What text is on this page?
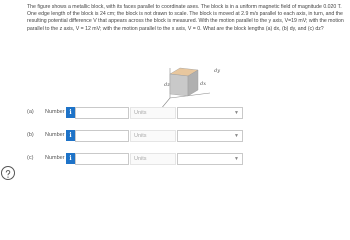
The figure shows a metallic block, with its faces parallel to coordinate axes. The block is in a uniform magnetic field of magnitude 0.020 T. One edge length of the block is 24 cm; the block is not drawn to scale. The block is moved at 2.9 m/s parallel to each axis, in turn, and the resulting potential difference V that appears across the block is measured. With the motion parallel to the y axis, V=19 mV; with the motion parallel to the z axis, V = 12 mV; with the motion parallel to the x axis, V = 0. What are the block lengths (a) dx, (b) dy, and (c) dz?
dy
dx
dz
(a) Number i	Units	▼
(b) Number i	Units	▼
(c) Number i	Units	▼
